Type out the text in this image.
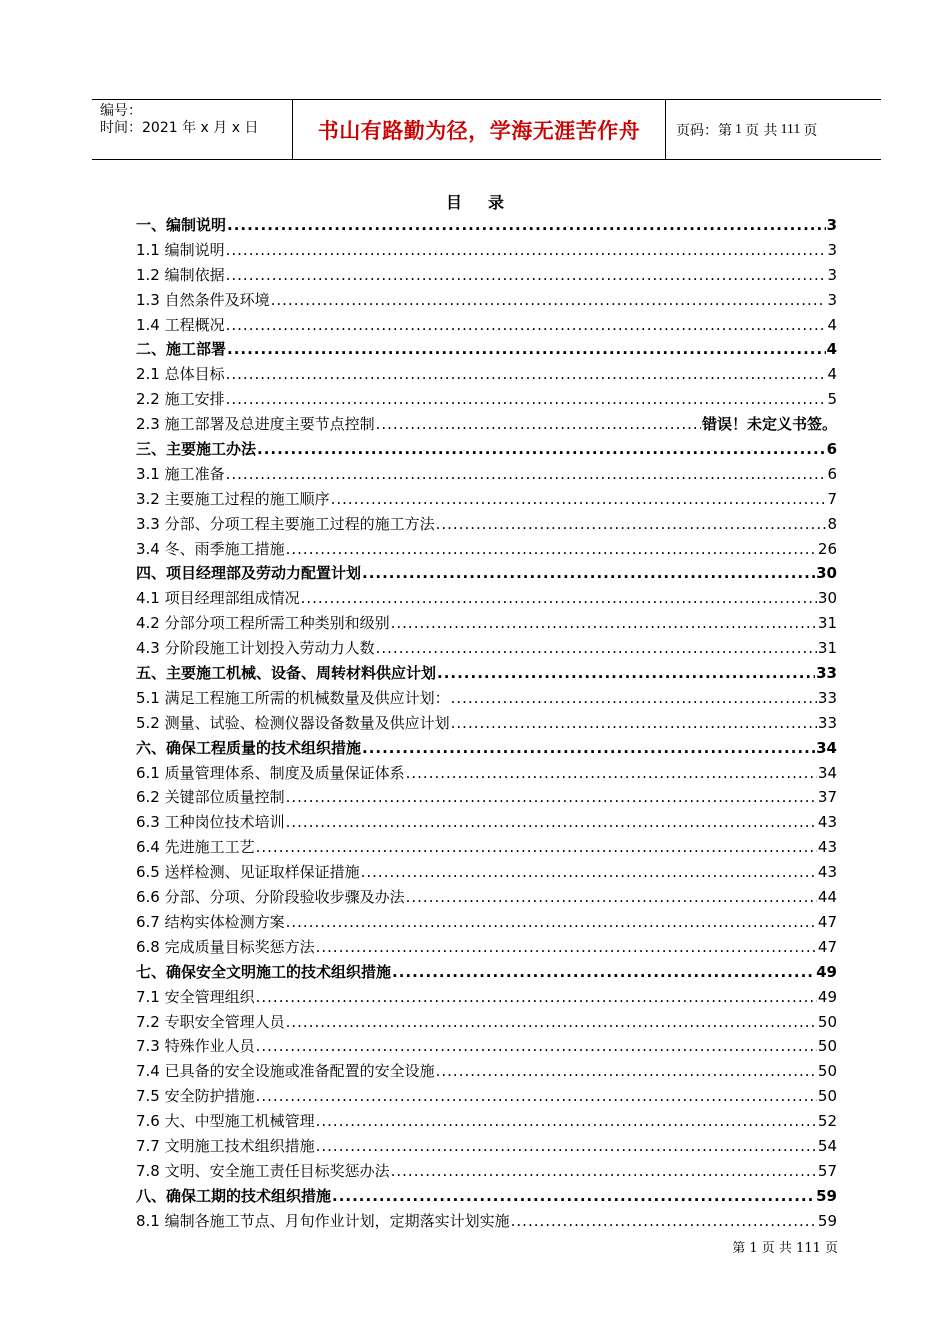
编号：
时间：2021 年 x 月 x 日	书山有路勤为径，学海无涯苦作舟	页码：第 1 页 共 111 页
目录
一、编制说明 .....	3
1.1 编制说明 .....	3
1.2 编制依据 .....	3
1.3 自然条件及环境 .....	3
1.4 工程概况 .....	4
二、施工部署 .....	4
2.1 总体目标 .....	4
2.2 施工安排 .....	5
2.3 施工部署及总进度主要节点控制 .....	错误！未定义书签。
三、主要施工办法 .....	6
3.1 施工准备 .....	6
3.2 主要施工过程的施工顺序 .....	7
3.3 分部、分项工程主要施工过程的施工方法 .....	8
3.4 冬、雨季施工措施 .....	26
四、项目经理部及劳动力配置计划 .....	30
4.1 项目经理部组成情况 .....	30
4.2 分部分项工程所需工种类别和级别 .....	31
4.3 分阶段施工计划投入劳动力人数 .....	31
五、主要施工机械、设备、周转材料供应计划 .....	33
5.1 满足工程施工所需的机械数量及供应计划： .....	33
5.2 测量、试验、检测仪器设备数量及供应计划 .....	33
六、确保工程质量的技术组织措施 .....	34
6.1 质量管理体系、制度及质量保证体系 .....	34
6.2 关键部位质量控制 .....	37
6.3 工种岗位技术培训 .....	43
6.4 先进施工工艺 .....	43
6.5 送样检测、见证取样保证措施 .....	43
6.6 分部、分项、分阶段验收步骤及办法 .....	44
6.7 结构实体检测方案 .....	47
6.8 完成质量目标奖惩方法 .....	47
七、确保安全文明施工的技术组织措施 .....	49
7.1 安全管理组织 .....	49
7.2 专职安全管理人员 .....	50
7.3 特殊作业人员 .....	50
7.4 已具备的安全设施或准备配置的安全设施 .....	50
7.5 安全防护措施 .....	50
7.6 大、中型施工机械管理 .....	52
7.7 文明施工技术组织措施 .....	54
7.8 文明、安全施工责任目标奖惩办法 .....	57
八、确保工期的技术组织措施 .....	59
8.1 编制各施工节点、月旬作业计划，定期落实计划实施 .....	59
第 1 页 共 111 页
